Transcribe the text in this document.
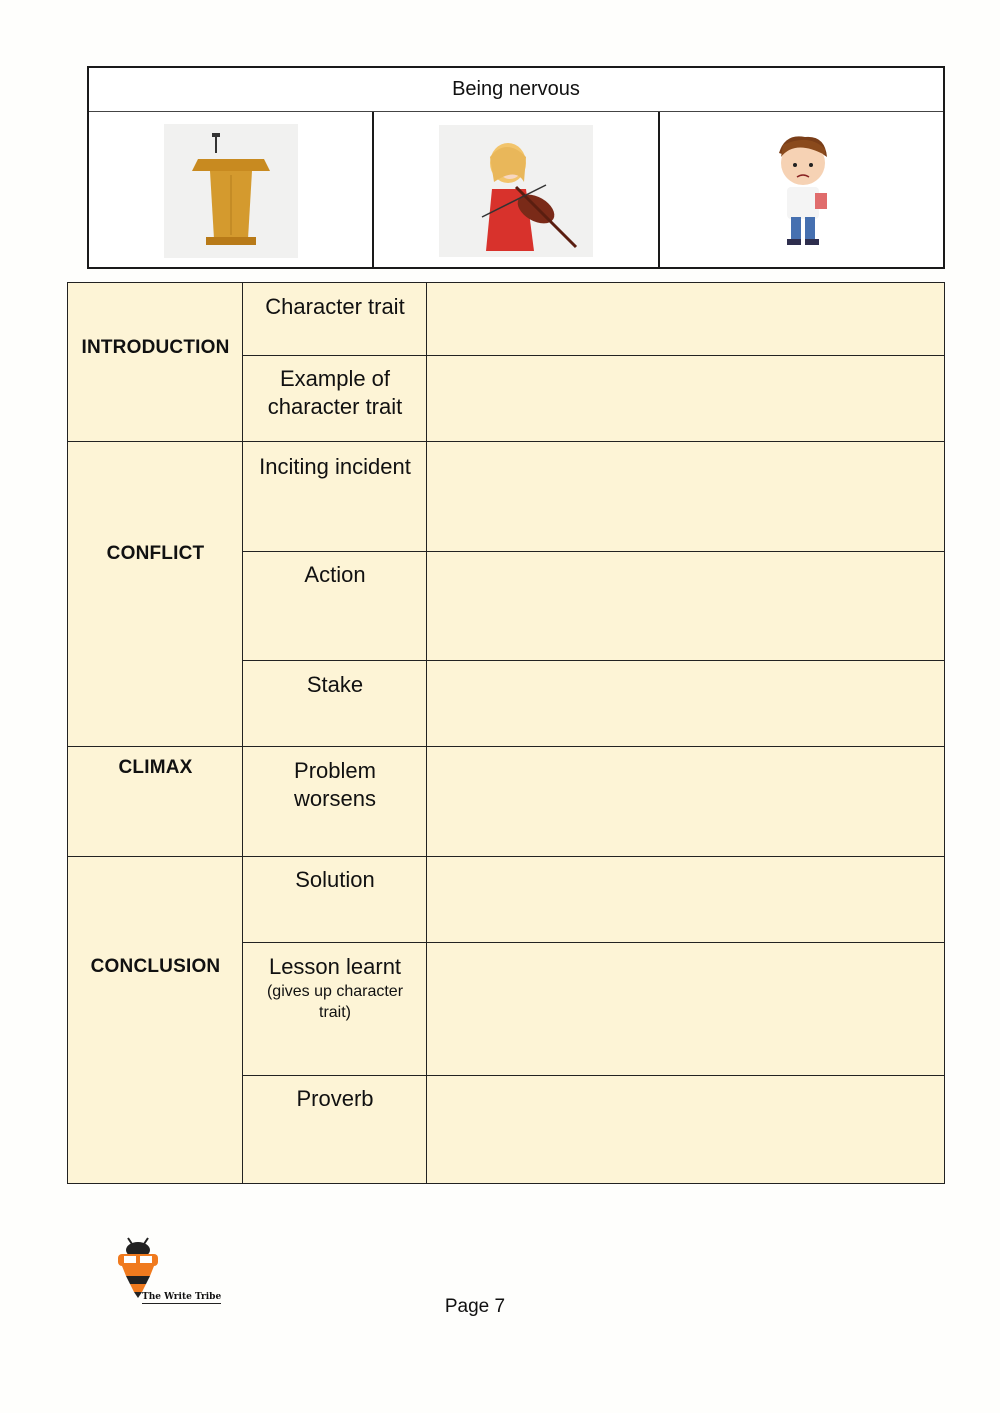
Being nervous
INTRODUCTION
CONFLICT
CLIMAX
CONCLUSION
Character trait
Example of character trait
Inciting incident
Action
Stake
Problem worsens
Solution
Lesson learnt
(gives up character trait)
Proverb
The Write Tribe	Page 7
